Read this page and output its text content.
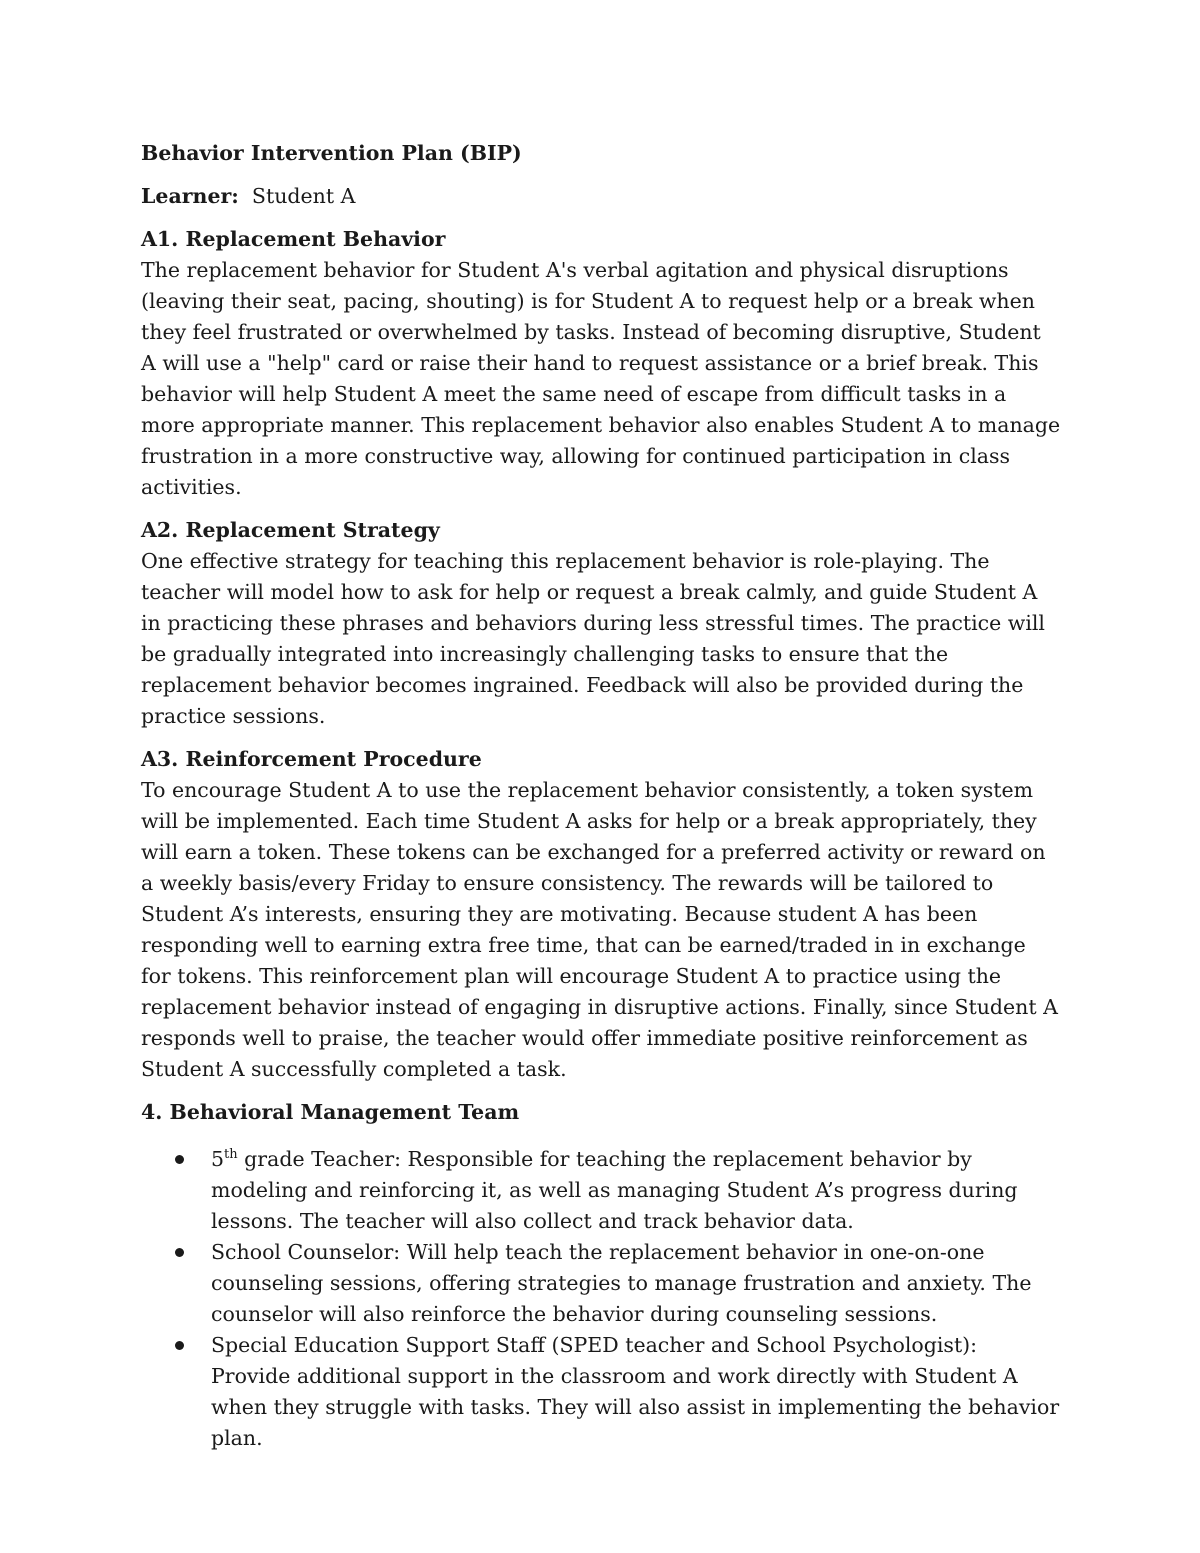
Behavior Intervention Plan (BIP)

Learner: Student A

A1. Replacement Behavior

The replacement behavior for Student A's verbal agitation and physical disruptions (leaving their seat, pacing, shouting) is for Student A to request help or a break when they feel frustrated or overwhelmed by tasks. Instead of becoming disruptive, Student A will use a "help" card or raise their hand to request assistance or a brief break. This behavior will help Student A meet the same need of escape from difficult tasks in a more appropriate manner. This replacement behavior also enables Student A to manage frustration in a more constructive way, allowing for continued participation in class activities.

A2. Replacement Strategy

One effective strategy for teaching this replacement behavior is role-playing. The teacher will model how to ask for help or request a break calmly, and guide Student A in practicing these phrases and behaviors during less stressful times. The practice will be gradually integrated into increasingly challenging tasks to ensure that the replacement behavior becomes ingrained. Feedback will also be provided during the practice sessions.

A3. Reinforcement Procedure

To encourage Student A to use the replacement behavior consistently, a token system will be implemented. Each time Student A asks for help or a break appropriately, they will earn a token. These tokens can be exchanged for a preferred activity or reward on a weekly basis/every Friday to ensure consistency. The rewards will be tailored to Student A’s interests, ensuring they are motivating. Because student A has been responding well to earning extra free time, that can be earned/traded in in exchange for tokens. This reinforcement plan will encourage Student A to practice using the replacement behavior instead of engaging in disruptive actions. Finally, since Student A responds well to praise, the teacher would offer immediate positive reinforcement as Student A successfully completed a task.

4. Behavioral Management Team

5th grade Teacher: Responsible for teaching the replacement behavior by modeling and reinforcing it, as well as managing Student A’s progress during lessons. The teacher will also collect and track behavior data.
School Counselor: Will help teach the replacement behavior in one-on-one counseling sessions, offering strategies to manage frustration and anxiety. The counselor will also reinforce the behavior during counseling sessions.
Special Education Support Staff (SPED teacher and School Psychologist): Provide additional support in the classroom and work directly with Student A when they struggle with tasks. They will also assist in implementing the behavior plan.
